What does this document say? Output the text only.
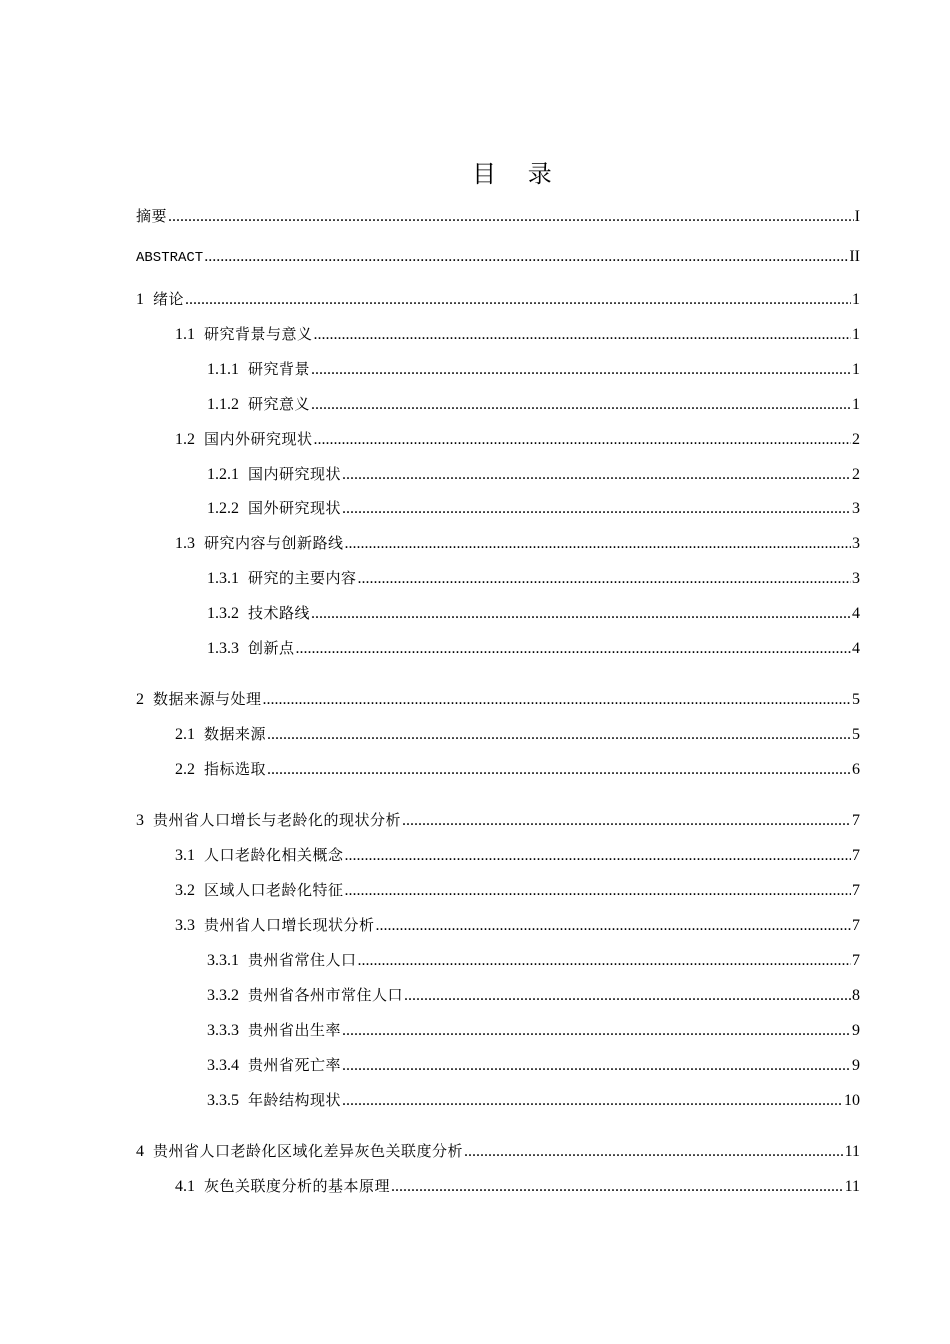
目 录
摘要 .....	I
ABSTRACT .....	II
1 绪论 .....	1
1.1 研究背景与意义 .....	1
1.1.1 研究背景 .....	1
1.1.2 研究意义 .....	1
1.2 国内外研究现状 .....	2
1.2.1 国内研究现状 .....	2
1.2.2 国外研究现状 .....	3
1.3 研究内容与创新路线 .....	3
1.3.1 研究的主要内容 .....	3
1.3.2 技术路线 .....	4
1.3.3 创新点 .....	4
2 数据来源与处理 .....	5
2.1 数据来源 .....	5
2.2 指标选取 .....	6
3 贵州省人口增长与老龄化的现状分析 .....	7
3.1 人口老龄化相关概念 .....	7
3.2 区域人口老龄化特征 .....	7
3.3 贵州省人口增长现状分析 .....	7
3.3.1 贵州省常住人口 .....	7
3.3.2 贵州省各州市常住人口 .....	8
3.3.3 贵州省出生率 .....	9
3.3.4 贵州省死亡率 .....	9
3.3.5 年龄结构现状 .....	10
4 贵州省人口老龄化区域化差异灰色关联度分析 .....	11
4.1 灰色关联度分析的基本原理 .....	11
